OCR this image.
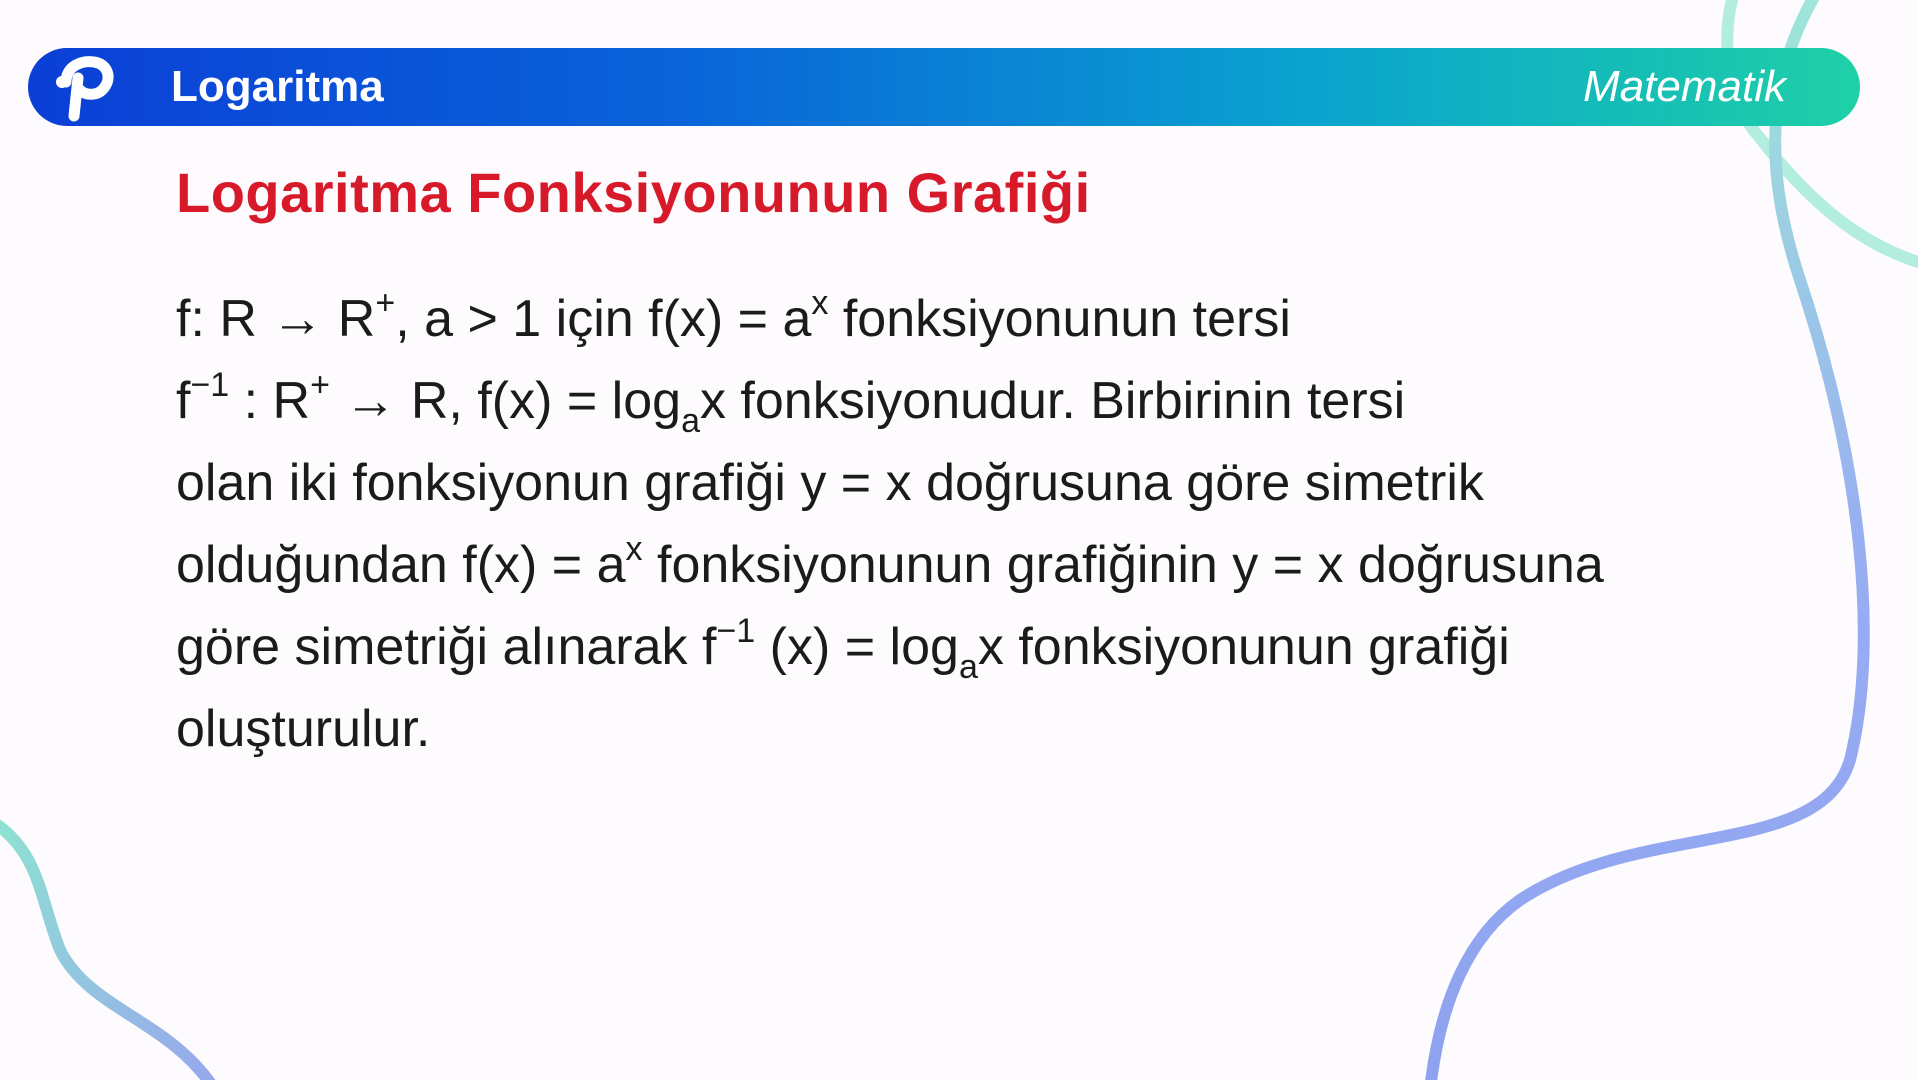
Logaritma	Matematik
Logaritma Fonksiyonunun Grafiği
f: R → R+, a > 1 için $f(x) = a^x$ fonksiyonunun tersi
$f^{-1}$ : R+ → R, $f(x) = \log_ax$ fonksiyonudur. Birbirinin tersi
olan iki fonksiyonun grafiği y = x doğrusuna göre simetrik
olduğundan $f(x) = a^x$ fonksiyonunun grafiğinin y = x doğrusuna
göre simetriği alınarak $f^{-1}$ $(x) = \log_ax$ fonksiyonunun grafiği
oluşturulur.
